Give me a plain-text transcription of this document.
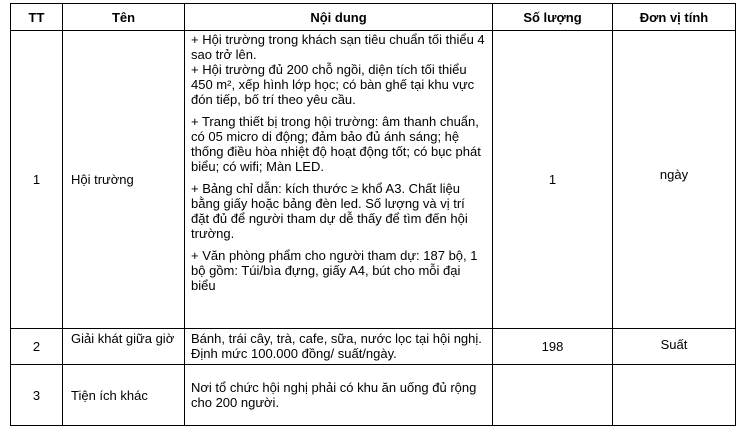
TT	Tên	Nội dung	Số lượng	Đơn vị tính
1	Hội trường	+ Hội trường trong khách sạn tiêu chuẩn tối thiểu 4 sao trở lên.
+ Hội trường đủ 200 chỗ ngồi, diện tích tối thiểu 450 m², xếp hình lớp học; có bàn ghế tại khu vực đón tiếp, bố trí theo yêu cầu.

+ Trang thiết bị trong hội trường: âm thanh chuẩn, có 05 micro di động; đảm bảo đủ ánh sáng; hệ thống điều hòa nhiệt độ hoạt động tốt; có bục phát biểu; có wifi; Màn LED.

+ Bảng chỉ dẫn: kích thước ≥ khổ A3. Chất liệu bằng giấy hoặc bảng đèn led. Số lượng và vị trí đặt đủ để người tham dự dễ thấy để tìm đến hội trường.

+ Văn phòng phẩm cho người tham dự: 187 bộ, 1 bộ gồm: Túi/bìa đựng, giấy A4, bút cho mỗi đại biểu	1	ngày
2	Giải khát giữa giờ	Bánh, trái cây, trà, cafe, sữa, nước lọc tại hội nghị. Định mức 100.000 đồng/ suất/ngày.	198	Suất
3	Tiện ích khác	Nơi tổ chức hội nghị phải có khu ăn uống đủ rộng cho 200 người.		
